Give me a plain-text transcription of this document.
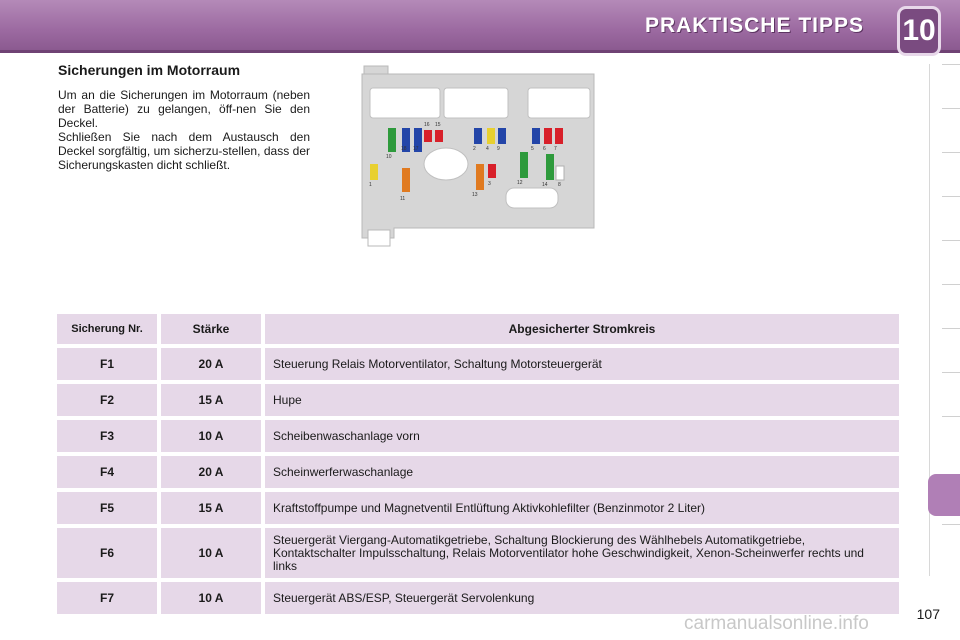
PRAKTISCHE TIPPS 10
Sicherungen im Motorraum
Um an die Sicherungen im Motorraum (neben der Batterie) zu gelangen, öff-nen Sie den Deckel.
Schließen Sie nach dem Austausch den Deckel sorgfältig, um sicherzu-stellen, dass der Sicherungskasten dicht schließt.
1
2
3
4	5 6 7
8
9
10
11
12
13
14
15
16
17
18
Sicherung Nr.	Stärke	Abgesicherter Stromkreis
F1	20 A	Steuerung Relais Motorventilator, Schaltung Motorsteuergerät
F2	15 A	Hupe
F3	10 A	Scheibenwaschanlage vorn
F4	20 A	Scheinwerferwaschanlage
F5	15 A	Kraftstoffpumpe und Magnetventil Entlüftung Aktivkohlefilter (Benzinmotor 2 Liter)
F6	10 A	Steuergerät Viergang-Automatikgetriebe, Schaltung Blockierung des Wählhebels Automatikgetriebe, Kontaktschalter Impulsschaltung, Relais Motorventilator hohe Geschwindigkeit, Xenon-Scheinwerfer rechts und links
F7	10 A	Steuergerät ABS/ESP, Steuergerät Servolenkung
carmanualsonline.info	107
